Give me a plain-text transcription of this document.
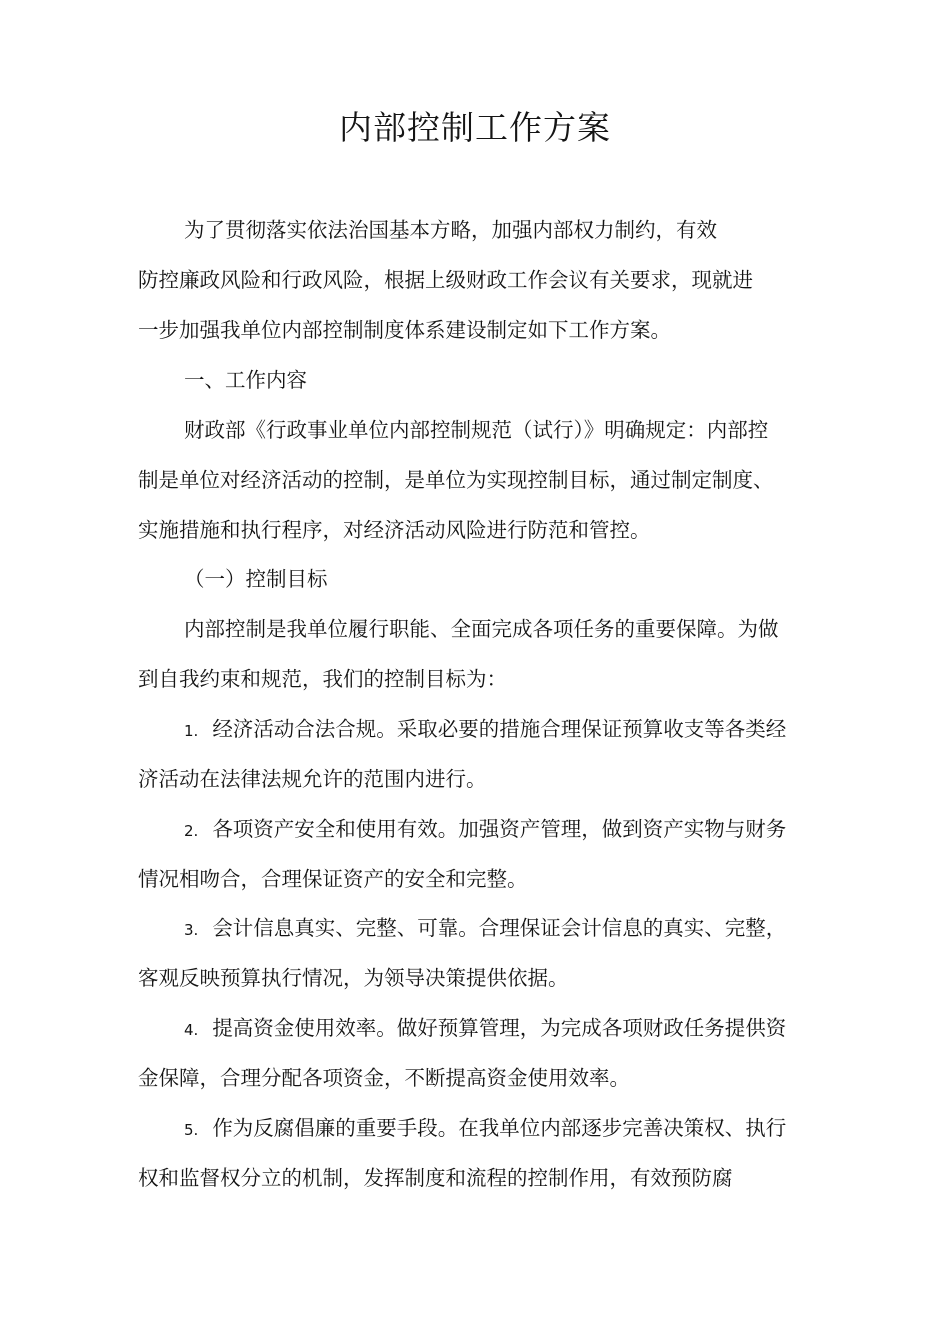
内部控制工作方案
为了贯彻落实依法治国基本方略，加强内部权力制约，有效
防控廉政风险和行政风险，根据上级财政工作会议有关要求，现就进
一步加强我单位内部控制制度体系建设制定如下工作方案。
一、工作内容
财政部《行政事业单位内部控制规范（试行）》明确规定：内部控
制是单位对经济活动的控制，是单位为实现控制目标，通过制定制度、
实施措施和执行程序，对经济活动风险进行防范和管控。
（一）控制目标
内部控制是我单位履行职能、全面完成各项任务的重要保障。为做
到自我约束和规范，我们的控制目标为：
1. 经济活动合法合规。采取必要的措施合理保证预算收支等各类经
济活动在法律法规允许的范围内进行。
2. 各项资产安全和使用有效。加强资产管理，做到资产实物与财务
情况相吻合，合理保证资产的安全和完整。
3. 会计信息真实、完整、可靠。合理保证会计信息的真实、完整，
客观反映预算执行情况，为领导决策提供依据。
4. 提高资金使用效率。做好预算管理，为完成各项财政任务提供资
金保障，合理分配各项资金，不断提高资金使用效率。
5. 作为反腐倡廉的重要手段。在我单位内部逐步完善决策权、执行
权和监督权分立的机制，发挥制度和流程的控制作用，有效预防腐
